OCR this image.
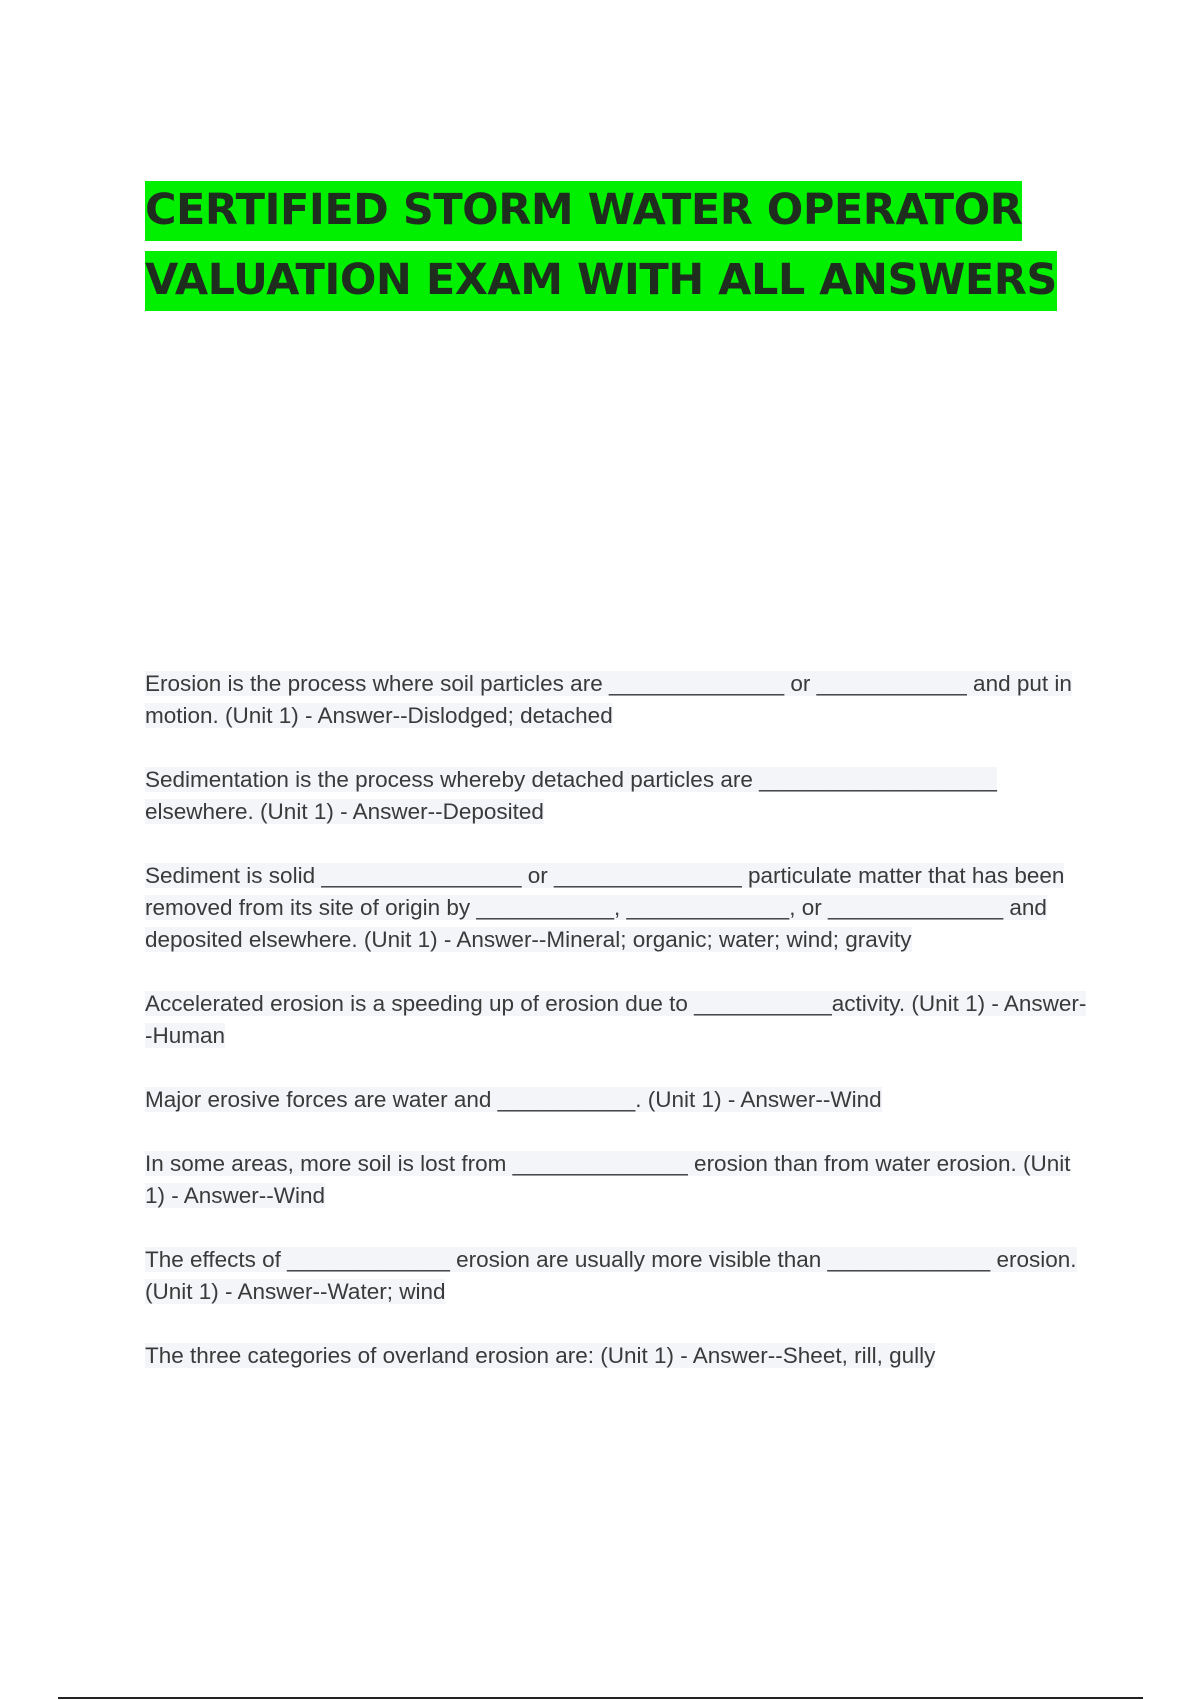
CERTIFIED STORM WATER OPERATOR
VALUATION EXAM WITH ALL ANSWERS

Erosion is the process where soil particles are ______________ or ____________ and put in motion. (Unit 1) - Answer--Dislodged; detached

Sedimentation is the process whereby detached particles are ___________________ elsewhere. (Unit 1) - Answer--Deposited

Sediment is solid ________________ or _______________ particulate matter that has been removed from its site of origin by ___________, _____________, or ______________ and deposited elsewhere. (Unit 1) - Answer--Mineral; organic; water; wind; gravity

Accelerated erosion is a speeding up of erosion due to ___________activity. (Unit 1) - Answer--Human

Major erosive forces are water and ___________. (Unit 1) - Answer--Wind

In some areas, more soil is lost from ______________ erosion than from water erosion. (Unit 1) - Answer--Wind

The effects of _____________ erosion are usually more visible than _____________ erosion. (Unit 1) - Answer--Water; wind

The three categories of overland erosion are: (Unit 1) - Answer--Sheet, rill, gully
